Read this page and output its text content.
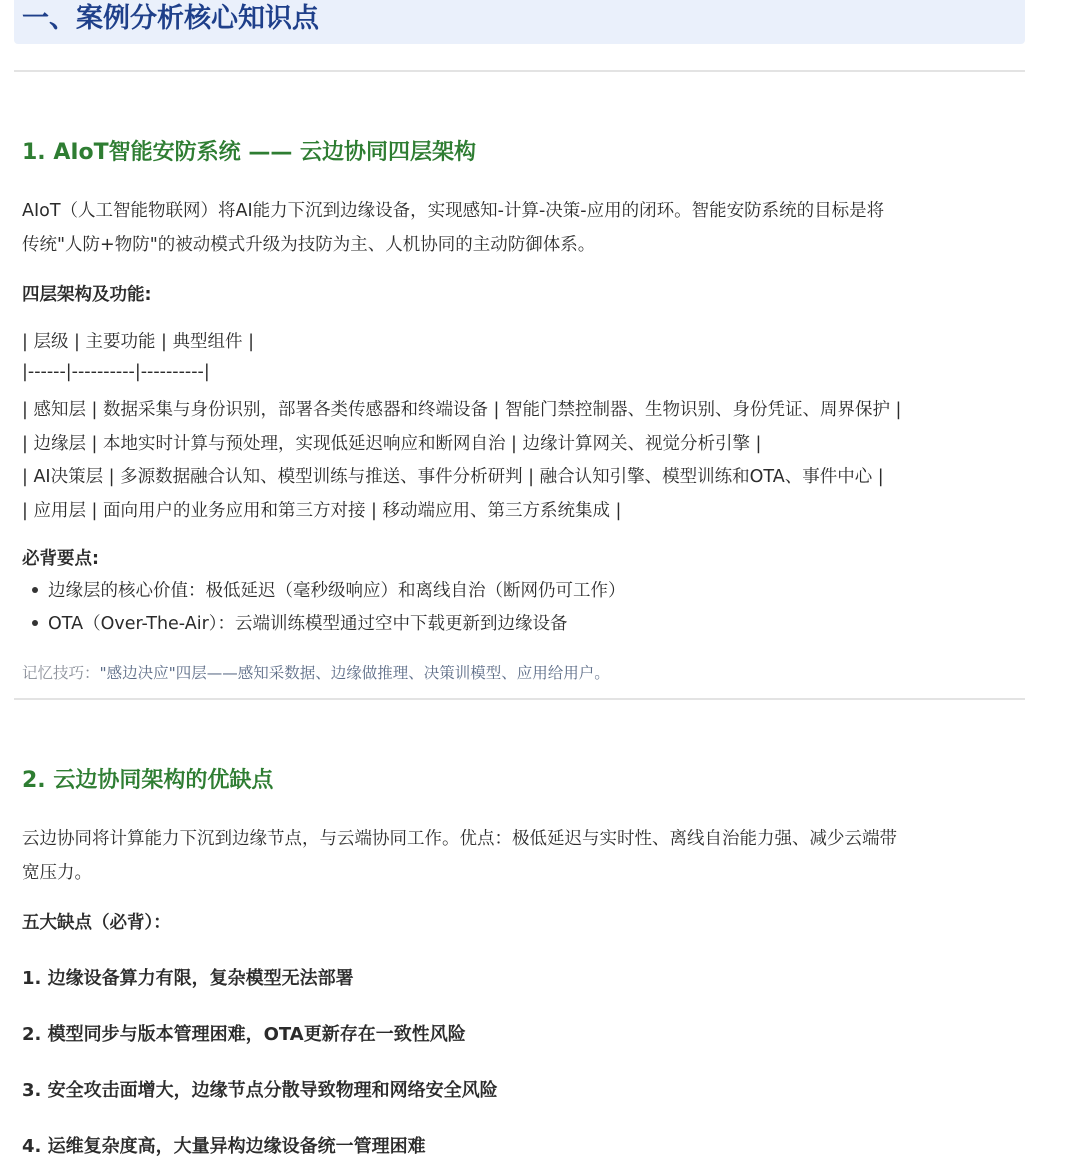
一、案例分析核心知识点
1. AIoT智能安防系统 —— 云边协同四层架构

AIoT（人工智能物联网）将AI能力下沉到边缘设备，实现感知-计算-决策-应用的闭环。智能安防系统的目标是将
传统"人防+物防"的被动模式升级为技防为主、人机协同的主动防御体系。

四层架构及功能:

| 层级 | 主要功能 | 典型组件 |

|------|----------|----------|

| 感知层 | 数据采集与身份识别，部署各类传感器和终端设备 | 智能门禁控制器、生物识别、身份凭证、周界保护 |

| 边缘层 | 本地实时计算与预处理，实现低延迟响应和断网自治 | 边缘计算网关、视觉分析引擎 |

| AI决策层 | 多源数据融合认知、模型训练与推送、事件分析研判 | 融合认知引擎、模型训练和OTA、事件中心 |

| 应用层 | 面向用户的业务应用和第三方对接 | 移动端应用、第三方系统集成 |

必背要点:
边缘层的核心价值：极低延迟（毫秒级响应）和离线自治（断网仍可工作）
OTA（Over-The-Air）：云端训练模型通过空中下载更新到边缘设备

记忆技巧："感边决应"四层——感知采数据、边缘做推理、决策训模型、应用给用户。

2. 云边协同架构的优缺点

云边协同将计算能力下沉到边缘节点，与云端协同工作。优点：极低延迟与实时性、离线自治能力强、减少云端带
宽压力。

五大缺点（必背）：

1. 边缘设备算力有限，复杂模型无法部署

2. 模型同步与版本管理困难，OTA更新存在一致性风险

3. 安全攻击面增大，边缘节点分散导致物理和网络安全风险

4. 运维复杂度高，大量异构边缘设备统一管理困难
